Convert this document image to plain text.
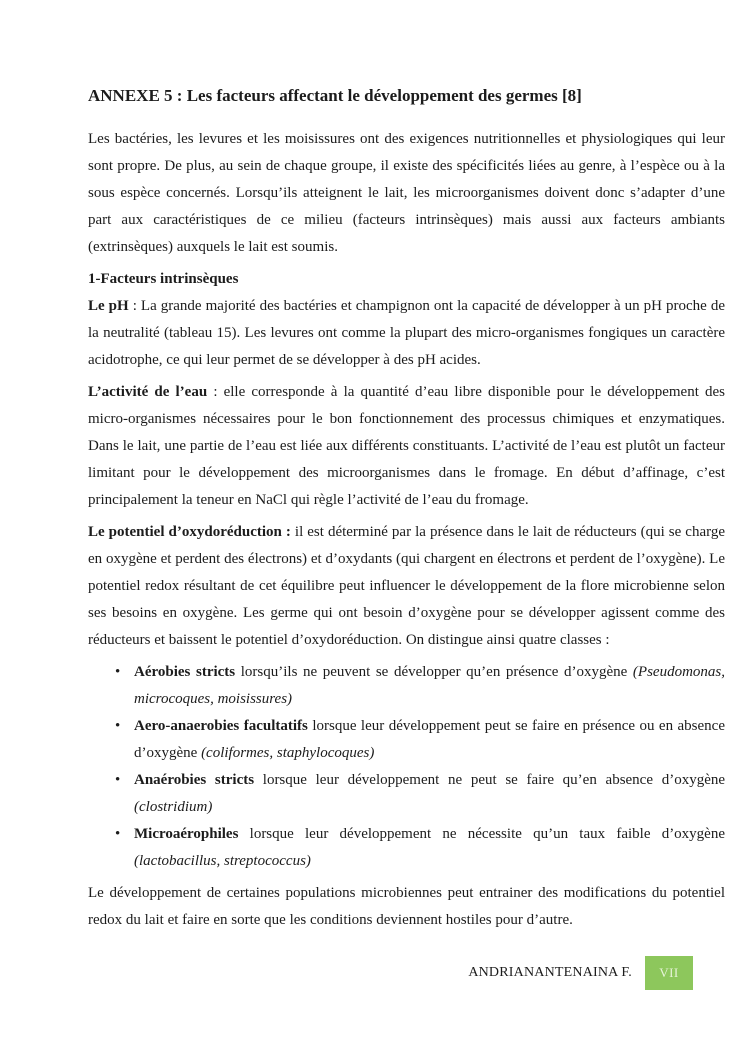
ANNEXE 5 : Les facteurs affectant le développement des germes [8]
Les bactéries, les levures et les moisissures ont des exigences nutritionnelles et physiologiques qui leur sont propre. De plus, au sein de chaque groupe, il existe des spécificités liées au genre, à l’espèce ou à la sous espèce concernés. Lorsqu’ils atteignent le lait, les microorganismes doivent donc s’adapter d’une part aux caractéristiques de ce milieu (facteurs intrinsèques) mais aussi aux facteurs ambiants (extrinsèques) auxquels le lait est soumis.
1-Facteurs intrinsèques
Le pH : La grande majorité des bactéries et champignon ont la capacité de développer à un pH proche de la neutralité (tableau 15). Les levures ont comme la plupart des micro-organismes fongiques un caractère acidotrophe, ce qui leur permet de se développer à des pH acides.
L’activité de l’eau : elle corresponde à la quantité d’eau libre disponible pour le développement des micro-organismes nécessaires pour le bon fonctionnement des processus chimiques et enzymatiques. Dans le lait, une partie de l’eau est liée aux différents constituants. L’activité de l’eau est plutôt un facteur limitant pour le développement des microorganismes dans le fromage. En début d’affinage, c’est principalement la teneur en NaCl qui règle l’activité de l’eau du fromage.
Le potentiel d’oxydoréduction : il est déterminé par la présence dans le lait de réducteurs (qui se charge en oxygène et perdent des électrons) et d’oxydants (qui chargent en électrons et perdent de l’oxygène). Le potentiel redox résultant de cet équilibre peut influencer le développement de la flore microbienne selon ses besoins en oxygène. Les germe qui ont besoin d’oxygène pour se développer agissent comme des réducteurs et baissent le potentiel d’oxydoréduction. On distingue ainsi quatre classes :
• Aérobies stricts lorsqu’ils ne peuvent se développer qu’en présence d’oxygène (Pseudomonas, microcoques, moisissures)
• Aero-anaerobies facultatifs lorsque leur développement peut se faire en présence ou en absence d’oxygène (coliformes, staphylocoques)
• Anaérobies stricts lorsque leur développement ne peut se faire qu’en absence d’oxygène (clostridium)
• Microaérophiles lorsque leur développement ne nécessite qu’un taux faible d’oxygène (lactobacillus, streptococcus)
Le développement de certaines populations microbiennes peut entrainer des modifications du potentiel redox du lait et faire en sorte que les conditions deviennent hostiles pour d’autre.
ANDRIANANTENAINA F.	VII
